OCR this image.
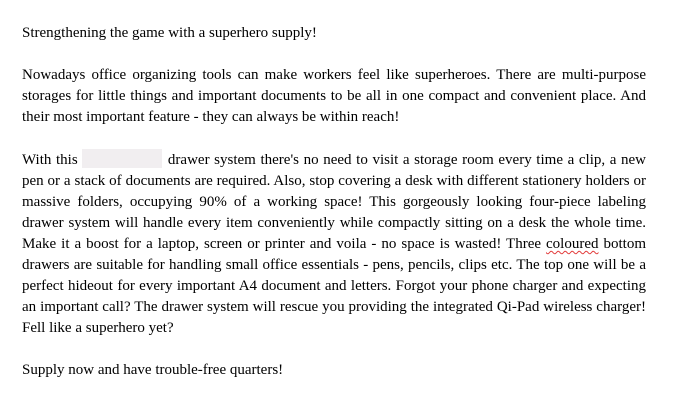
Strengthening the game with a superhero supply!

Nowadays office organizing tools can make workers feel like superheroes. There are multi-purpose storages for little things and important documents to be all in one compact and convenient place. And their most important feature - they can always be within reach!

With this	drawer system there's no need to visit a storage room every time a clip, a new pen or a stack of documents are required. Also, stop covering a desk with different stationery holders or massive folders, occupying 90% of a working space! This gorgeously looking four-piece labeling drawer system will handle every item conveniently while compactly sitting on a desk the whole time. Make it a boost for a laptop, screen or printer and voila - no space is wasted! Three coloured bottom drawers are suitable for handling small office essentials - pens, pencils, clips etc. The top one will be a perfect hideout for every important A4 document and letters. Forgot your phone charger and expecting an important call? The drawer system will rescue you providing the integrated Qi-Pad wireless charger! Fell like a superhero yet?

Supply now and have trouble-free quarters!
